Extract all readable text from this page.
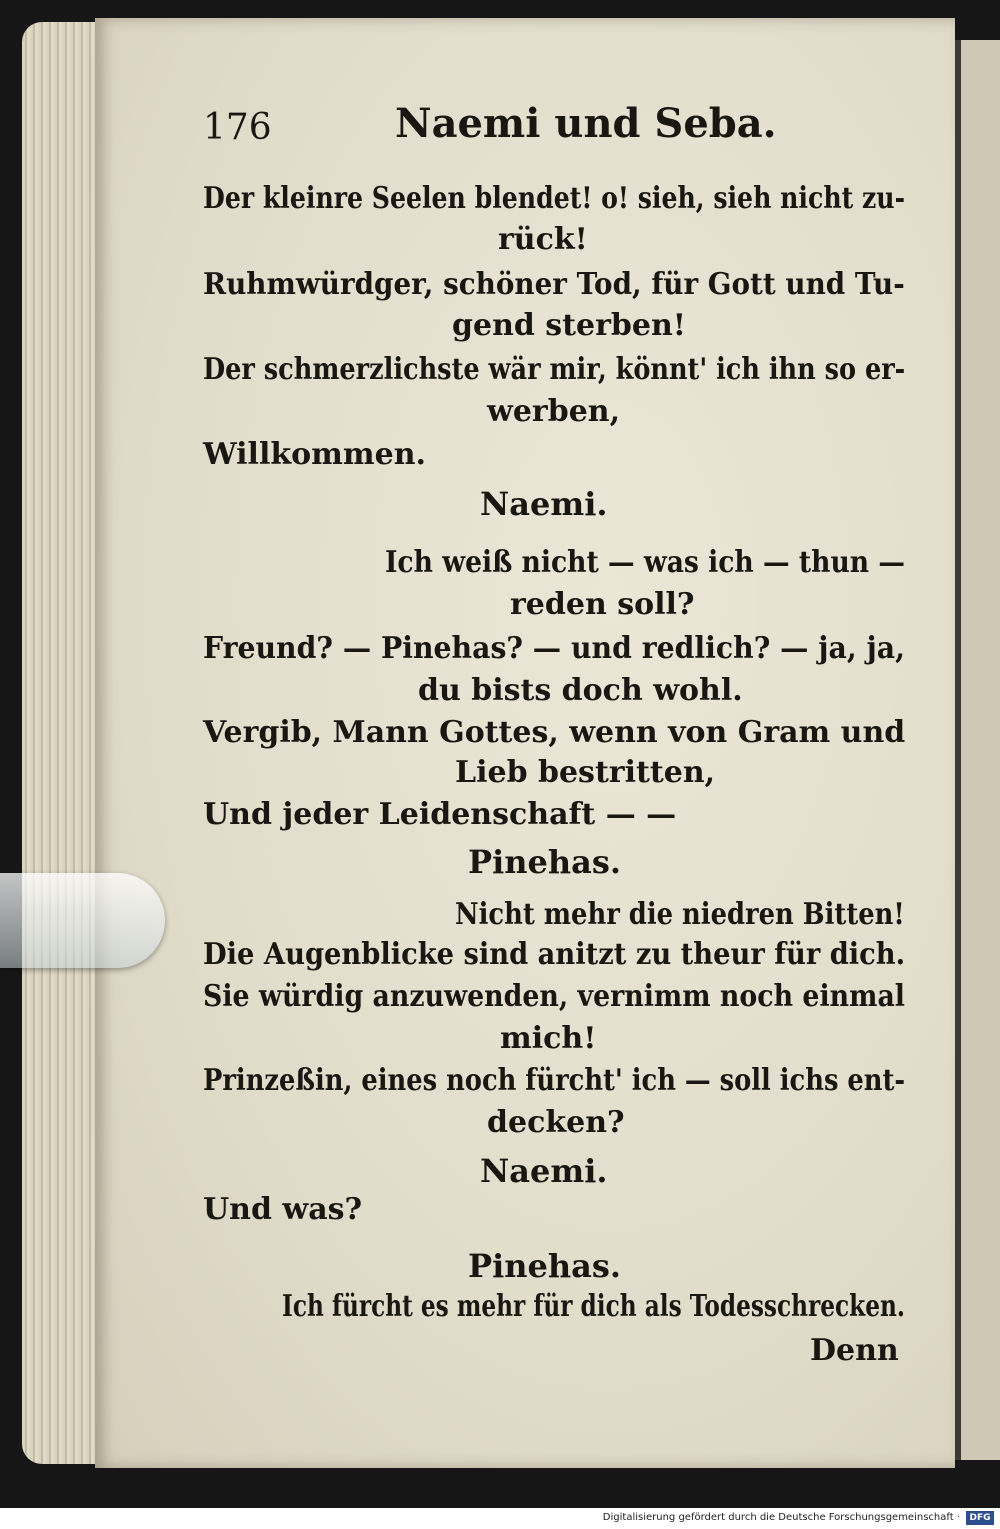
176	Naemi und Seba.
Der kleinre Seelen blendet! o! sieh, sieh nicht zu-
rück!
Ruhmwürdger, schöner Tod, für Gott und Tu-
gend sterben!
Der schmerzlichste wär mir, könnt' ich ihn so er-
werben,
Willkommen.
Naemi.
Ich weiß nicht — was ich — thun —
reden soll?
Freund? — Pinehas? — und redlich? — ja, ja,
du bists doch wohl.
Vergib, Mann Gottes, wenn von Gram und
Lieb bestritten,
Und jeder Leidenschaft — —
Pinehas.
Nicht mehr die niedren Bitten!
Die Augenblicke sind anitzt zu theur für dich.
Sie würdig anzuwenden, vernimm noch einmal
mich!
Prinzeßin, eines noch fürcht' ich — soll ichs ent-
decken?
Naemi.
Und was?
Pinehas.
Ich fürcht es mehr für dich als Todesschrecken.
Denn
Digitalisierung gefördert durch die Deutsche Forschungsgemeinschaft ·	DFG
